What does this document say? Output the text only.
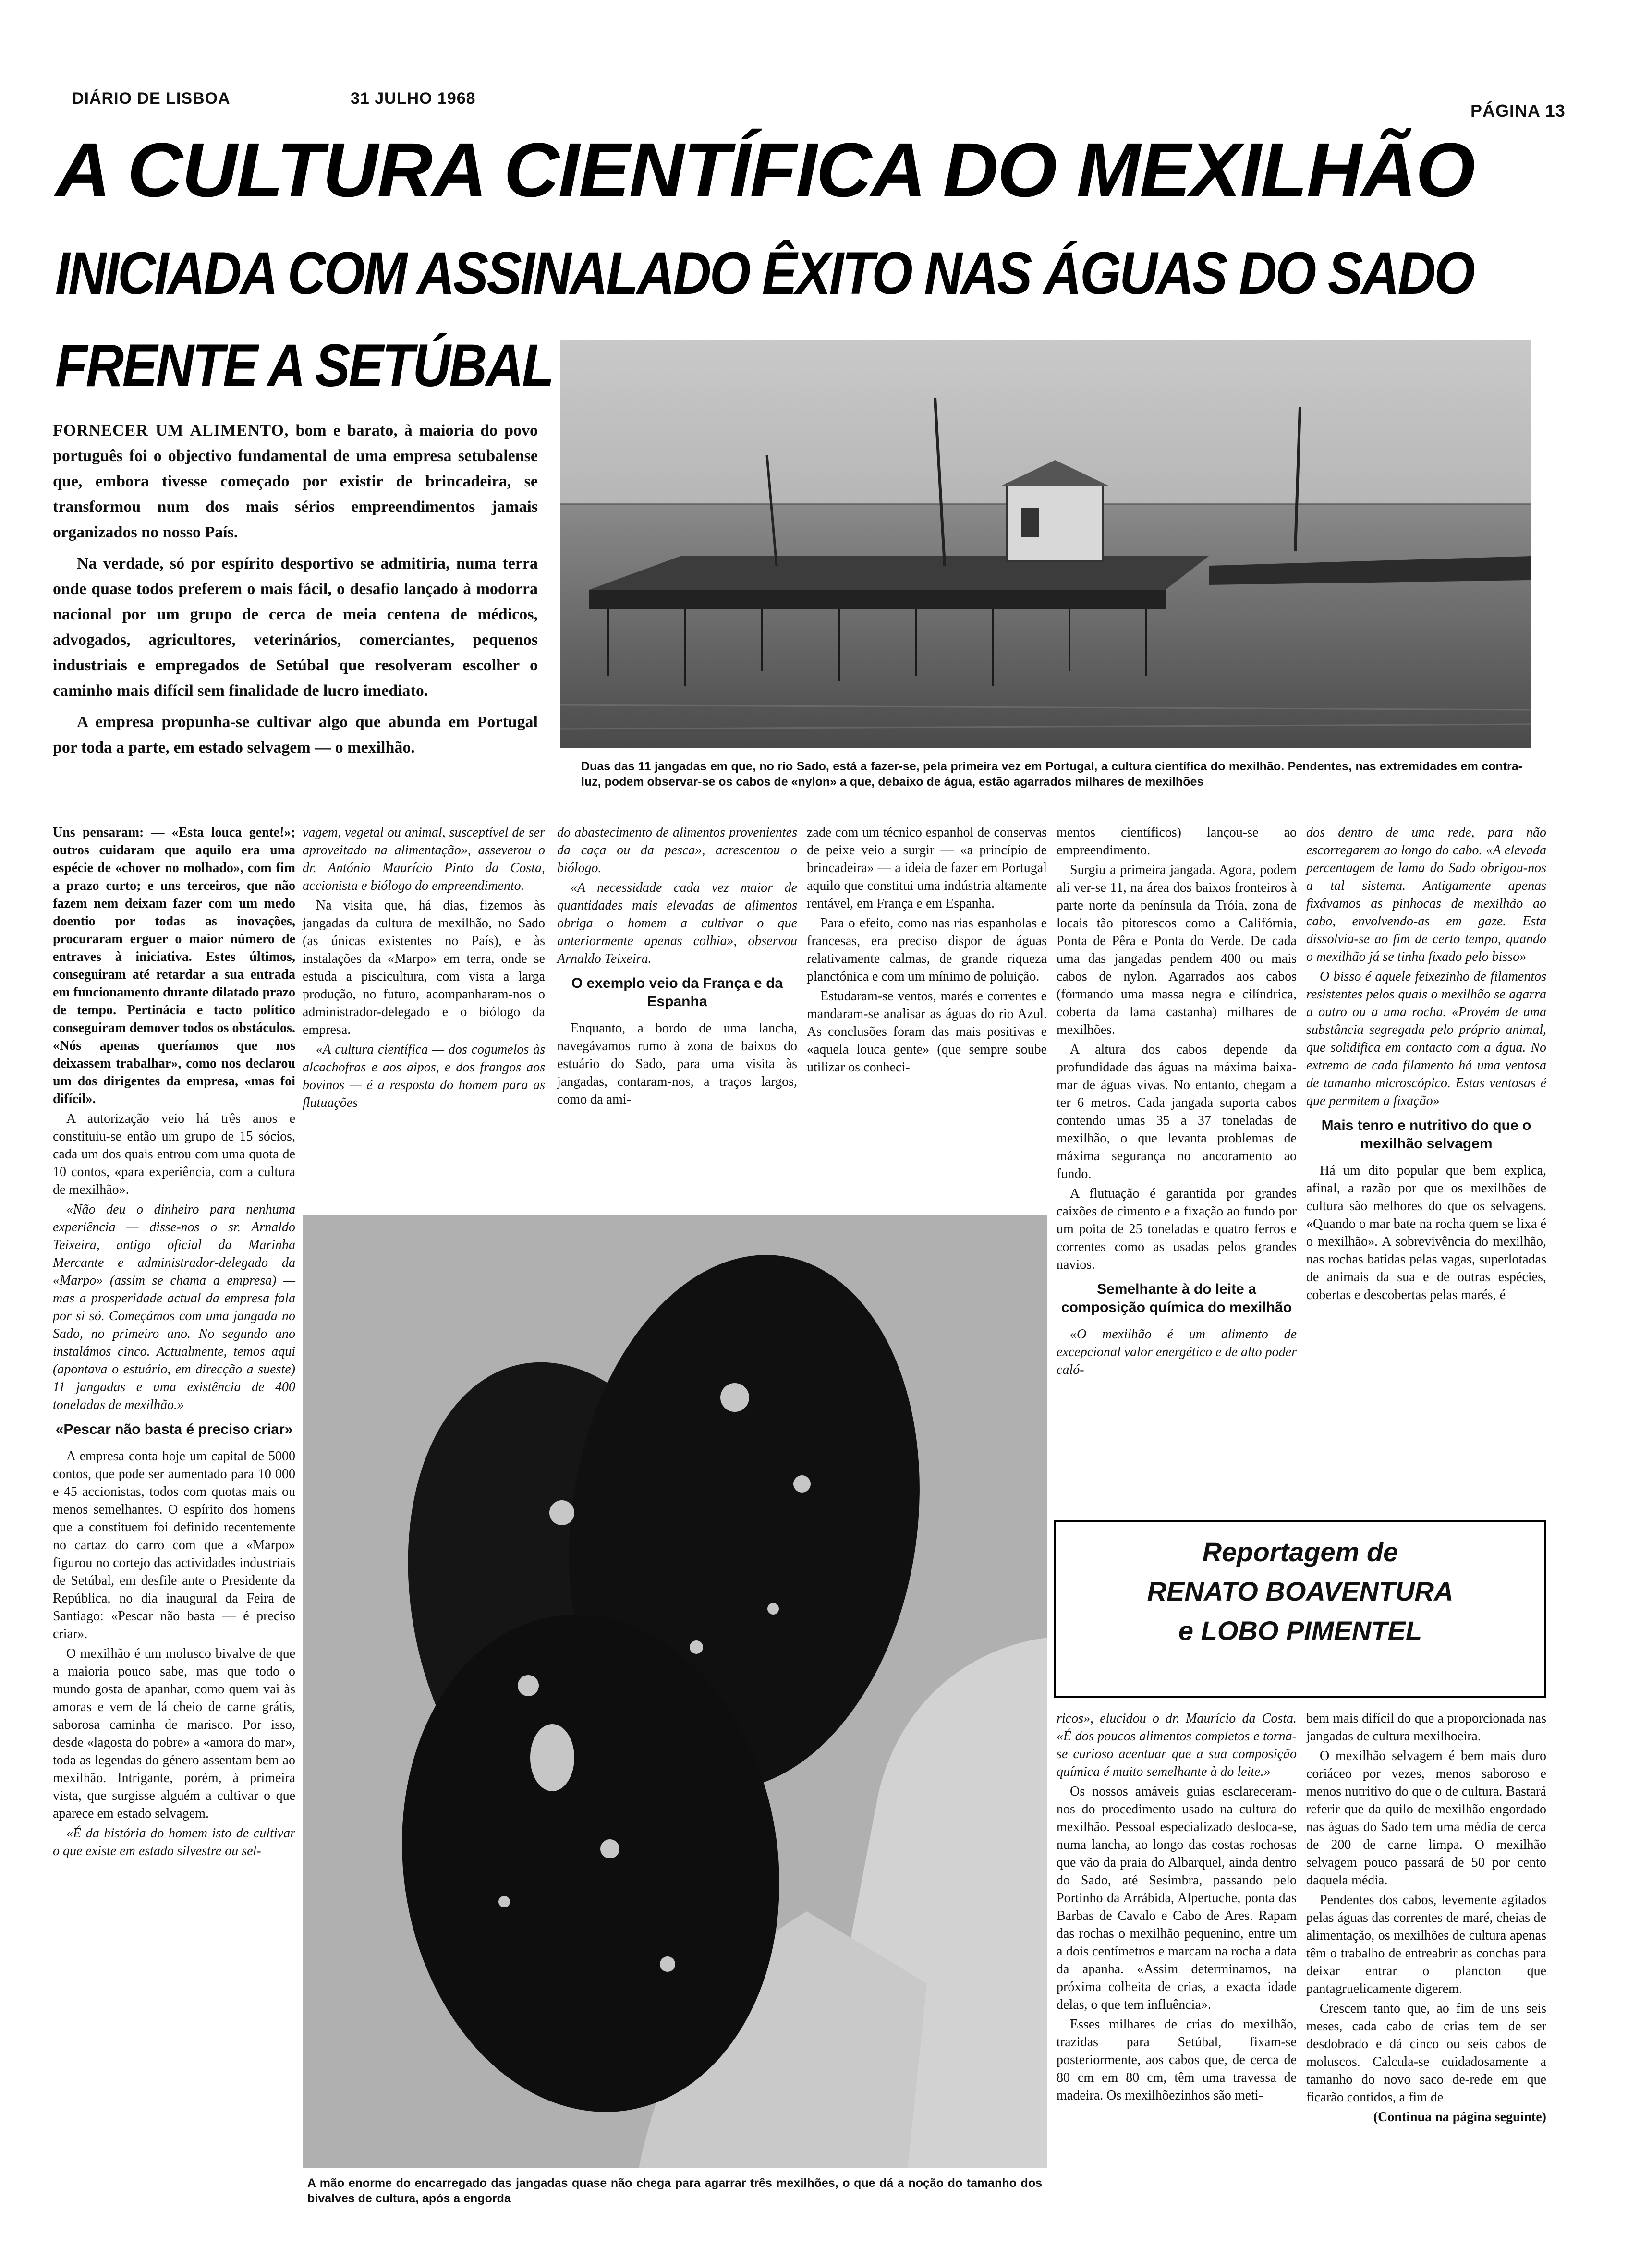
DIÁRIO DE LISBOA	31 JULHO 1968
PÁGINA 13
A CULTURA CIENTÍFICA DO MEXILHÃO
INICIADA COM ASSINALADO ÊXITO NAS ÁGUAS DO SADO
FRENTE A SETÚBAL

FORNECER UM ALIMENTO, bom e barato, à maioria do povo português foi o objectivo fundamental de uma empresa setubalense que, embora tivesse começado por existir de brincadeira, se transformou num dos mais sérios empreendimentos jamais organizados no nosso País.

Na verdade, só por espírito desportivo se admitiria, numa terra onde quase todos preferem o mais fácil, o desafio lançado à modorra nacional por um grupo de cerca de meia centena de médicos, advogados, agricultores, veterinários, comerciantes, pequenos industriais e empregados de Setúbal que resolveram escolher o caminho mais difícil sem finalidade de lucro imediato.

A empresa propunha-se cultivar algo que abunda em Portugal por toda a parte, em estado selvagem — o mexilhão.

Duas das 11 jangadas em que, no rio Sado, está a fazer-se, pela primeira vez em Portugal, a cultura científica do mexilhão. Pendentes, nas extremidades em contra-luz, podem observar-se os cabos de «nylon» a que, debaixo de água, estão agarrados milhares de mexilhões

Uns pensaram: — «Esta louca gente!»; outros cuidaram que aquilo era uma espécie de «chover no molhado», com fim a prazo curto; e uns terceiros, que não fazem nem deixam fazer com um medo doentio por todas as inovações, procuraram erguer o maior número de entraves à iniciativa. Estes últimos, conseguiram até retardar a sua entrada em funcionamento durante dilatado prazo de tempo. Pertinácia e tacto político conseguiram demover todos os obstáculos. «Nós apenas queríamos que nos deixassem trabalhar», como nos declarou um dos dirigentes da empresa, «mas foi difícil».

A autorização veio há três anos e constituiu-se então um grupo de 15 sócios, cada um dos quais entrou com uma quota de 10 contos, «para experiência, com a cultura de mexilhão».

«Não deu o dinheiro para nenhuma experiência — disse-nos o sr. Arnaldo Teixeira, antigo oficial da Marinha Mercante e administrador-delegado da «Marpo» (assim se chama a empresa) — mas a prosperidade actual da empresa fala por si só. Começámos com uma jangada no Sado, no primeiro ano. No segundo ano instalámos cinco. Actualmente, temos aqui (apontava o estuário, em direcção a sueste) 11 jangadas e uma existência de 400 toneladas de mexilhão.»

«Pescar não basta é preciso criar»

A empresa conta hoje um capital de 5000 contos, que pode ser aumentado para 10 000 e 45 accionistas, todos com quotas mais ou menos semelhantes. O espírito dos homens que a constituem foi definido recentemente no cartaz do carro com que a «Marpo» figurou no cortejo das actividades industriais de Setúbal, em desfile ante o Presidente da República, no dia inaugural da Feira de Santiago: «Pescar não basta — é preciso criar».

O mexilhão é um molusco bivalve de que a maioria pouco sabe, mas que todo o mundo gosta de apanhar, como quem vai às amoras e vem de lá cheio de carne grátis, saborosa caminha de marisco. Por isso, desde «lagosta do pobre» a «amora do mar», toda as legendas do género assentam bem ao mexilhão. Intrigante, porém, à primeira vista, que surgisse alguém a cultivar o que aparece em estado selvagem.

«É da história do homem isto de cultivar o que existe em estado silvestre ou sel-

vagem, vegetal ou animal, susceptível de ser aproveitado na alimentação», asseverou o dr. António Maurício Pinto da Costa, accionista e biólogo do empreendimento.

Na visita que, há dias, fizemos às jangadas da cultura de mexilhão, no Sado (as únicas existentes no País), e às instalações da «Marpo» em terra, onde se estuda a piscicultura, com vista a larga produção, no futuro, acompanharam-nos o administrador-delegado e o biólogo da empresa.

«A cultura científica — dos cogumelos às alcachofras e aos aipos, e dos frangos aos bovinos — é a resposta do homem para as flutuações

do abastecimento de alimentos provenientes da caça ou da pesca», acrescentou o biólogo.

«A necessidade cada vez maior de quantidades mais elevadas de alimentos obriga o homem a cultivar o que anteriormente apenas colhia», observou Arnaldo Teixeira.

O exemplo veio da França e da Espanha

Enquanto, a bordo de uma lancha, navegávamos rumo à zona de baixos do estuário do Sado, para uma visita às jangadas, contaram-nos, a traços largos, como da ami-

zade com um técnico espanhol de conservas de peixe veio a surgir — «a princípio de brincadeira» — a ideia de fazer em Portugal aquilo que constitui uma indústria altamente rentável, em França e em Espanha.

Para o efeito, como nas rias espanholas e francesas, era preciso dispor de águas relativamente calmas, de grande riqueza planctónica e com um mínimo de poluição.

Estudaram-se ventos, marés e correntes e mandaram-se analisar as águas do rio Azul. As conclusões foram das mais positivas e «aquela louca gente» (que sempre soube utilizar os conheci-

A mão enorme do encarregado das jangadas quase não chega para agarrar três mexilhões, o que dá a noção do tamanho dos bivalves de cultura, após a engorda

mentos científicos) lançou-se ao empreendimento.

Surgiu a primeira jangada. Agora, podem ali ver-se 11, na área dos baixos fronteiros à parte norte da península da Tróia, zona de locais tão pitorescos como a Califórnia, Ponta de Pêra e Ponta do Verde. De cada uma das jangadas pendem 400 ou mais cabos de nylon. Agarrados aos cabos (formando uma massa negra e cilíndrica, coberta da lama castanha) milhares de mexilhões.

A altura dos cabos depende da profundidade das águas na máxima baixa-mar de águas vivas. No entanto, chegam a ter 6 metros. Cada jangada suporta cabos contendo umas 35 a 37 toneladas de mexilhão, o que levanta problemas de máxima segurança no ancoramento ao fundo.

A flutuação é garantida por grandes caixões de cimento e a fixação ao fundo por um poita de 25 toneladas e quatro ferros e correntes como as usadas pelos grandes navios.

Semelhante à do leite a composição química do mexilhão

«O mexilhão é um alimento de excepcional valor energético e de alto poder caló-

dos dentro de uma rede, para não escorregarem ao longo do cabo. «A elevada percentagem de lama do Sado obrigou-nos a tal sistema. Antigamente apenas fixávamos as pinhocas de mexilhão ao cabo, envolvendo-as em gaze. Esta dissolvia-se ao fim de certo tempo, quando o mexilhão já se tinha fixado pelo bisso»

O bisso é aquele feixezinho de filamentos resistentes pelos quais o mexilhão se agarra a outro ou a uma rocha. «Provém de uma substância segregada pelo próprio animal, que solidifica em contacto com a água. No extremo de cada filamento há uma ventosa de tamanho microscópico. Estas ventosas é que permitem a fixação»

Mais tenro e nutritivo do que o mexilhão selvagem

Há um dito popular que bem explica, afinal, a razão por que os mexilhões de cultura são melhores do que os selvagens. «Quando o mar bate na rocha quem se lixa é o mexilhão». A sobrevivência do mexilhão, nas rochas batidas pelas vagas, superlotadas de animais da sua e de outras espécies, cobertas e descobertas pelas marés, é

Reportagem de
RENATO BOAVENTURA
e LOBO PIMENTEL

ricos», elucidou o dr. Maurício da Costa. «É dos poucos alimentos completos e torna-se curioso acentuar que a sua composição química é muito semelhante à do leite.»

Os nossos amáveis guias esclareceram-nos do procedimento usado na cultura do mexilhão. Pessoal especializado desloca-se, numa lancha, ao longo das costas rochosas que vão da praia do Albarquel, ainda dentro do Sado, até Sesimbra, passando pelo Portinho da Arrábida, Alpertuche, ponta das Barbas de Cavalo e Cabo de Ares. Rapam das rochas o mexilhão pequenino, entre um a dois centímetros e marcam na rocha a data da apanha. «Assim determinamos, na próxima colheita de crias, a exacta idade delas, o que tem influência».

Esses milhares de crias do mexilhão, trazidas para Setúbal, fixam-se posteriormente, aos cabos que, de cerca de 80 cm em 80 cm, têm uma travessa de madeira. Os mexilhõezinhos são meti-

bem mais difícil do que a proporcionada nas jangadas de cultura mexilhoeira.

O mexilhão selvagem é bem mais duro coriáceo por vezes, menos saboroso e menos nutritivo do que o de cultura. Bastará referir que da quilo de mexilhão engordado nas águas do Sado tem uma média de cerca de 200 de carne limpa. O mexilhão selvagem pouco passará de 50 por cento daquela média.

Pendentes dos cabos, levemente agitados pelas águas das correntes de maré, cheias de alimentação, os mexilhões de cultura apenas têm o trabalho de entreabrir as conchas para deixar entrar o plancton que pantagruelicamente digerem.

Crescem tanto que, ao fim de uns seis meses, cada cabo de crias tem de ser desdobrado e dá cinco ou seis cabos de moluscos. Calcula-se cuidadosamente a tamanho do novo saco de-rede em que ficarão contidos, a fim de

(Continua na página seguinte)
